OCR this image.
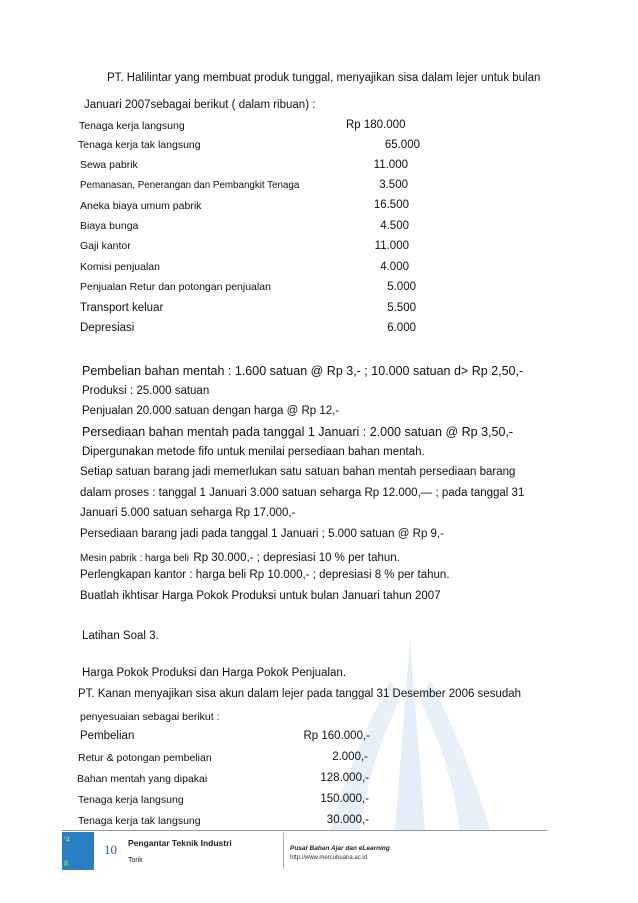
PT. Halilintar yang membuat produk tunggal, menyajikan sisa dalam lejer untuk bulan
Januari 2007sebagai berikut ( dalam ribuan) :
Tenaga kerja langsung	Rp 180.000
Tenaga kerja tak langsung	65.000
Sewa pabrik	11.000
Pemanasan, Penerangan dan Pembangkit Tenaga	3.500
Aneka biaya umum pabrik	16.500
Biaya bunga	4.500
Gaji kantor	11.000
Komisi penjualan	4.000
Penjualan Retur dan potongan penjualan	5.000
Transport keluar	5.500
Depresiasi	6.000
Pembelian bahan mentah : 1.600 satuan @ Rp 3,- ; 10.000 satuan d> Rp 2,50,-
Produksi : 25.000 satuan
Penjualan 20.000 satuan dengan harga @ Rp 12,-
Persediaan bahan mentah pada tanggal 1 Januari : 2.000 satuan @ Rp 3,50,-
Dipergunakan metode fifo untuk menilai persediaan bahan mentah.
Setiap satuan barang jadi memerlukan satu satuan bahan mentah persediaan barang
dalam proses : tanggal 1 Januari 3.000 satuan seharga Rp 12.000,— ; pada tanggal 31
Januari 5.000 satuan seharga Rp 17.000,-
Persediaan barang jadi pada tanggal 1 Januari ; 5.000 satuan @ Rp 9,-
Mesin pabrik : harga beli Rp 30.000,- ; depresiasi 10 % per tahun.
Perlengkapan kantor : harga beli Rp 10.000,- ; depresiasi 8 % per tahun.
Buatlah ikhtisar Harga Pokok Produksi untuk bulan Januari tahun 2007
Latihan Soal 3.
Harga Pokok Produksi dan Harga Pokok Penjualan.
PT. Kanan menyajikan sisa akun dalam lejer pada tanggal 31 Desember 2006 sesudah
penyesuaian sebagai berikut :
Pembelian	Rp 160.000,-
Retur & potongan pembelian	2.000,-
Bahan mentah yang dipakai	128.000,-
Tenaga kerja langsung	150.000,-
Tenaga kerja tak langsung	30.000,-
'4
8
10 Pengantar Teknik Industri
Torik
Pusat Bahan Ajar dan eLearning
http://www.mercubuana.ac.id
